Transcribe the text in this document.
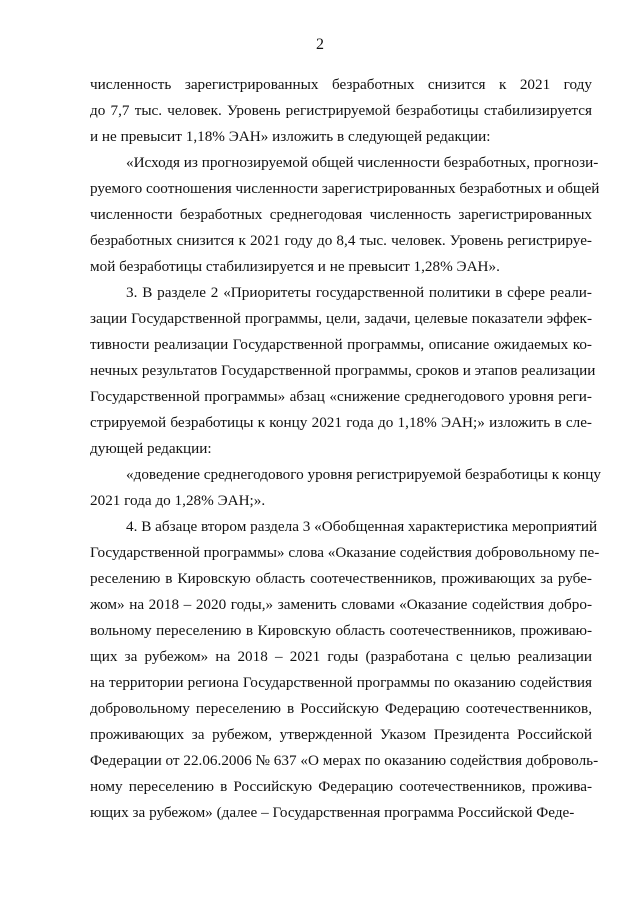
2
численность зарегистрированных безработных снизится к 2021 году
до 7,7 тыс. человек. Уровень регистрируемой безработицы стабилизируется
и не превысит 1,18% ЭАН» изложить в следующей редакции:
«Исходя из прогнозируемой общей численности безработных, прогнози-
руемого соотношения численности зарегистрированных безработных и общей
численности безработных среднегодовая численность зарегистрированных
безработных снизится к 2021 году до 8,4 тыс. человек. Уровень регистрируе-
мой безработицы стабилизируется и не превысит 1,28% ЭАН».
3. В разделе 2 «Приоритеты государственной политики в сфере реали-
зации Государственной программы, цели, задачи, целевые показатели эффек-
тивности реализации Государственной программы, описание ожидаемых ко-
нечных результатов Государственной программы, сроков и этапов реализации
Государственной программы» абзац «снижение среднегодового уровня реги-
стрируемой безработицы к концу 2021 года до 1,18% ЭАН;» изложить в сле-
дующей редакции:
«доведение среднегодового уровня регистрируемой безработицы к концу
2021 года до 1,28% ЭАН;».
4. В абзаце втором раздела 3 «Обобщенная характеристика мероприятий
Государственной программы» слова «Оказание содействия добровольному пе-
реселению в Кировскую область соотечественников, проживающих за рубе-
жом» на 2018 – 2020 годы,» заменить словами «Оказание содействия добро-
вольному переселению в Кировскую область соотечественников, проживаю-
щих за рубежом» на 2018 – 2021 годы (разработана с целью реализации
на территории региона Государственной программы по оказанию содействия
добровольному переселению в Российскую Федерацию соотечественников,
проживающих за рубежом, утвержденной Указом Президента Российской
Федерации от 22.06.2006 № 637 «О мерах по оказанию содействия доброволь-
ному переселению в Российскую Федерацию соотечественников, прожива-
ющих за рубежом» (далее – Государственная программа Российской Феде-
